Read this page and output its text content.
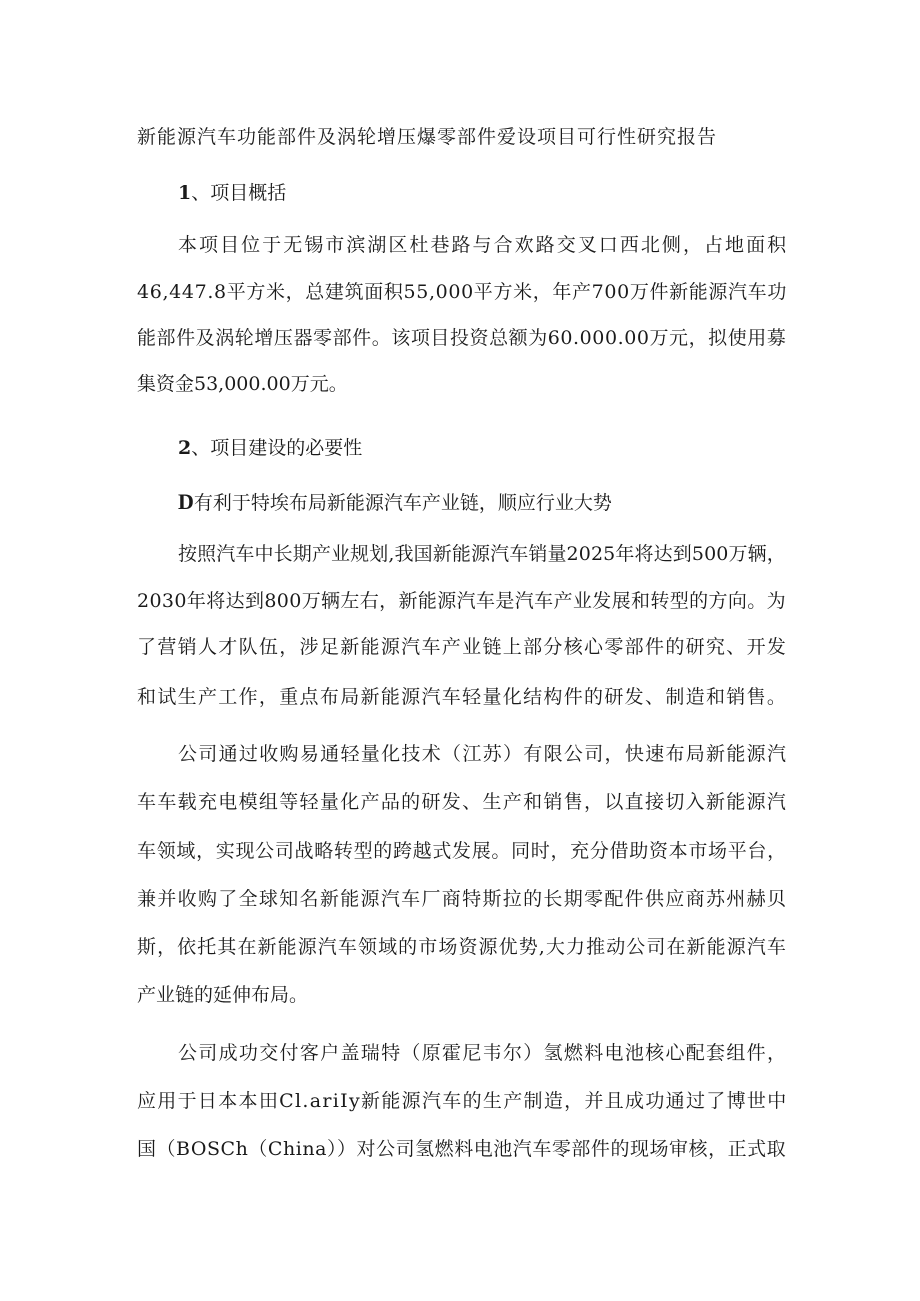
新能源汽车功能部件及涡轮增压爆零部件爱设项目可行性研究报告
1、项目概括
本项目位于无锡市滨湖区杜巷路与合欢路交叉口西北侧，占地面积
46,447.8平方米，总建筑面积55,000平方米，年产700万件新能源汽车功
能部件及涡轮增压器零部件。该项目投资总额为60.000.00万元，拟使用募
集资金53,000.00万元。
2、项目建设的必要性
D有利于特埃布局新能源汽车产业链，顺应行业大势
按照汽车中长期产业规划,我国新能源汽车销量2025年将达到500万辆，
2030年将达到800万辆左右，新能源汽车是汽车产业发展和转型的方向。为
了营销人才队伍，涉足新能源汽车产业链上部分核心零部件的研究、开发
和试生产工作，重点布局新能源汽车轻量化结构件的研发、制造和销售。
公司通过收购易通轻量化技术（江苏）有限公司，快速布局新能源汽
车车载充电模组等轻量化产品的研发、生产和销售，以直接切入新能源汽
车领域，实现公司战略转型的跨越式发展。同时，充分借助资本市场平台，
兼并收购了全球知名新能源汽车厂商特斯拉的长期零配件供应商苏州赫贝
斯，依托其在新能源汽车领域的市场资源优势,大力推动公司在新能源汽车
产业链的延伸布局。
公司成功交付客户盖瑞特（原霍尼韦尔）氢燃料电池核心配套组件，
应用于日本本田Cl.ariIy新能源汽车的生产制造，并且成功通过了博世中
国（BOSCh（China））对公司氢燃料电池汽车零部件的现场审核，正式取
